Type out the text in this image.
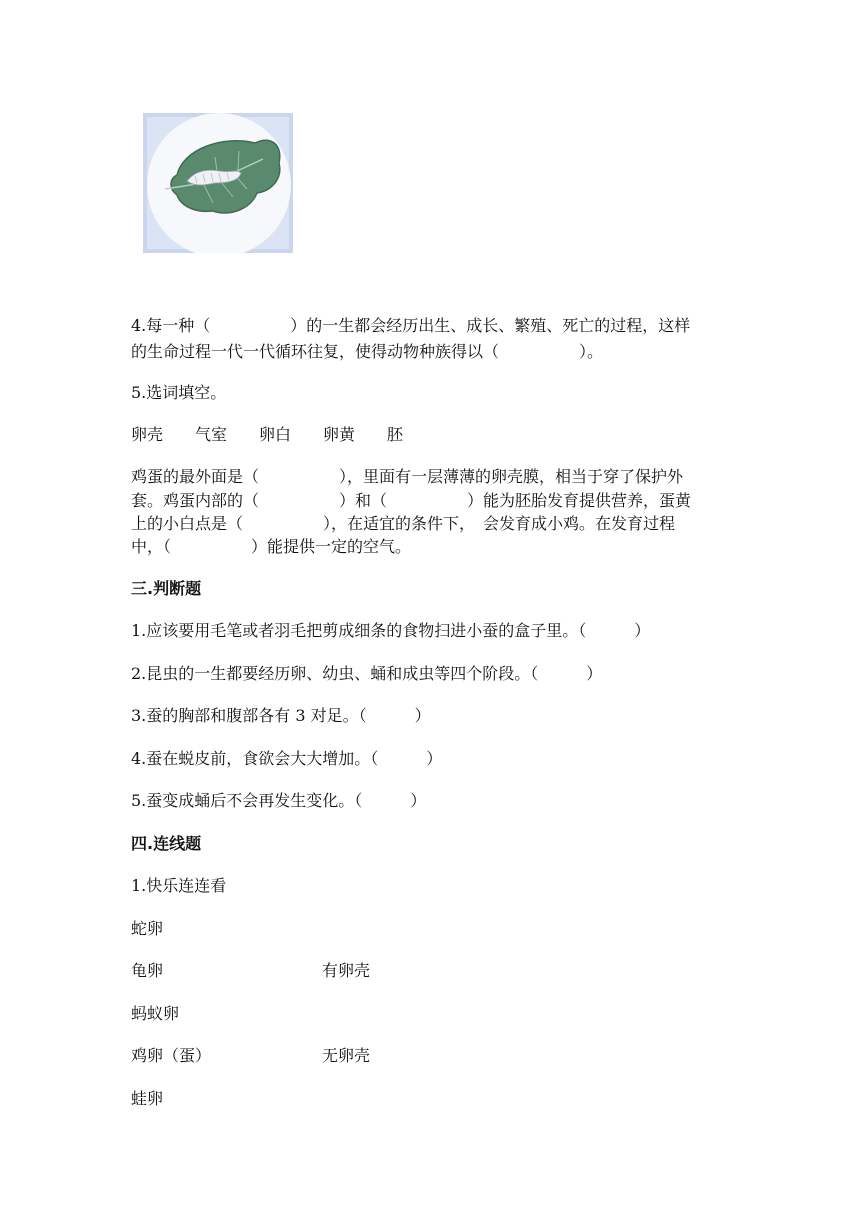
4.每一种（　　　　　）的一生都会经历出生、成长、繁殖、死亡的过程，这样
的生命过程一代一代循环往复，使得动物种族得以（　　　　　）。
5.选词填空。
卵壳　　气室　　卵白　　卵黄　　胚
鸡蛋的最外面是（　　　　　），里面有一层薄薄的卵壳膜，相当于穿了保护外
套。鸡蛋内部的（　　　　　）和（　　　　　）能为胚胎发育提供营养，蛋黄
上的小白点是（　　　　　），在适宜的条件下，　会发育成小鸡。在发育过程
中，（　　　　　）能提供一定的空气。
三.判断题
1.应该要用毛笔或者羽毛把剪成细条的食物扫进小蚕的盒子里。（　　　）
2.昆虫的一生都要经历卵、幼虫、蛹和成虫等四个阶段。（　　　）
3.蚕的胸部和腹部各有 3 对足。（　　　）
4.蚕在蜕皮前，食欲会大大增加。（　　　）
5.蚕变成蛹后不会再发生变化。（　　　）
四.连线题
1.快乐连连看
蛇卵
龟卵	有卵壳
蚂蚁卵
鸡卵（蛋）	无卵壳
蛙卵
